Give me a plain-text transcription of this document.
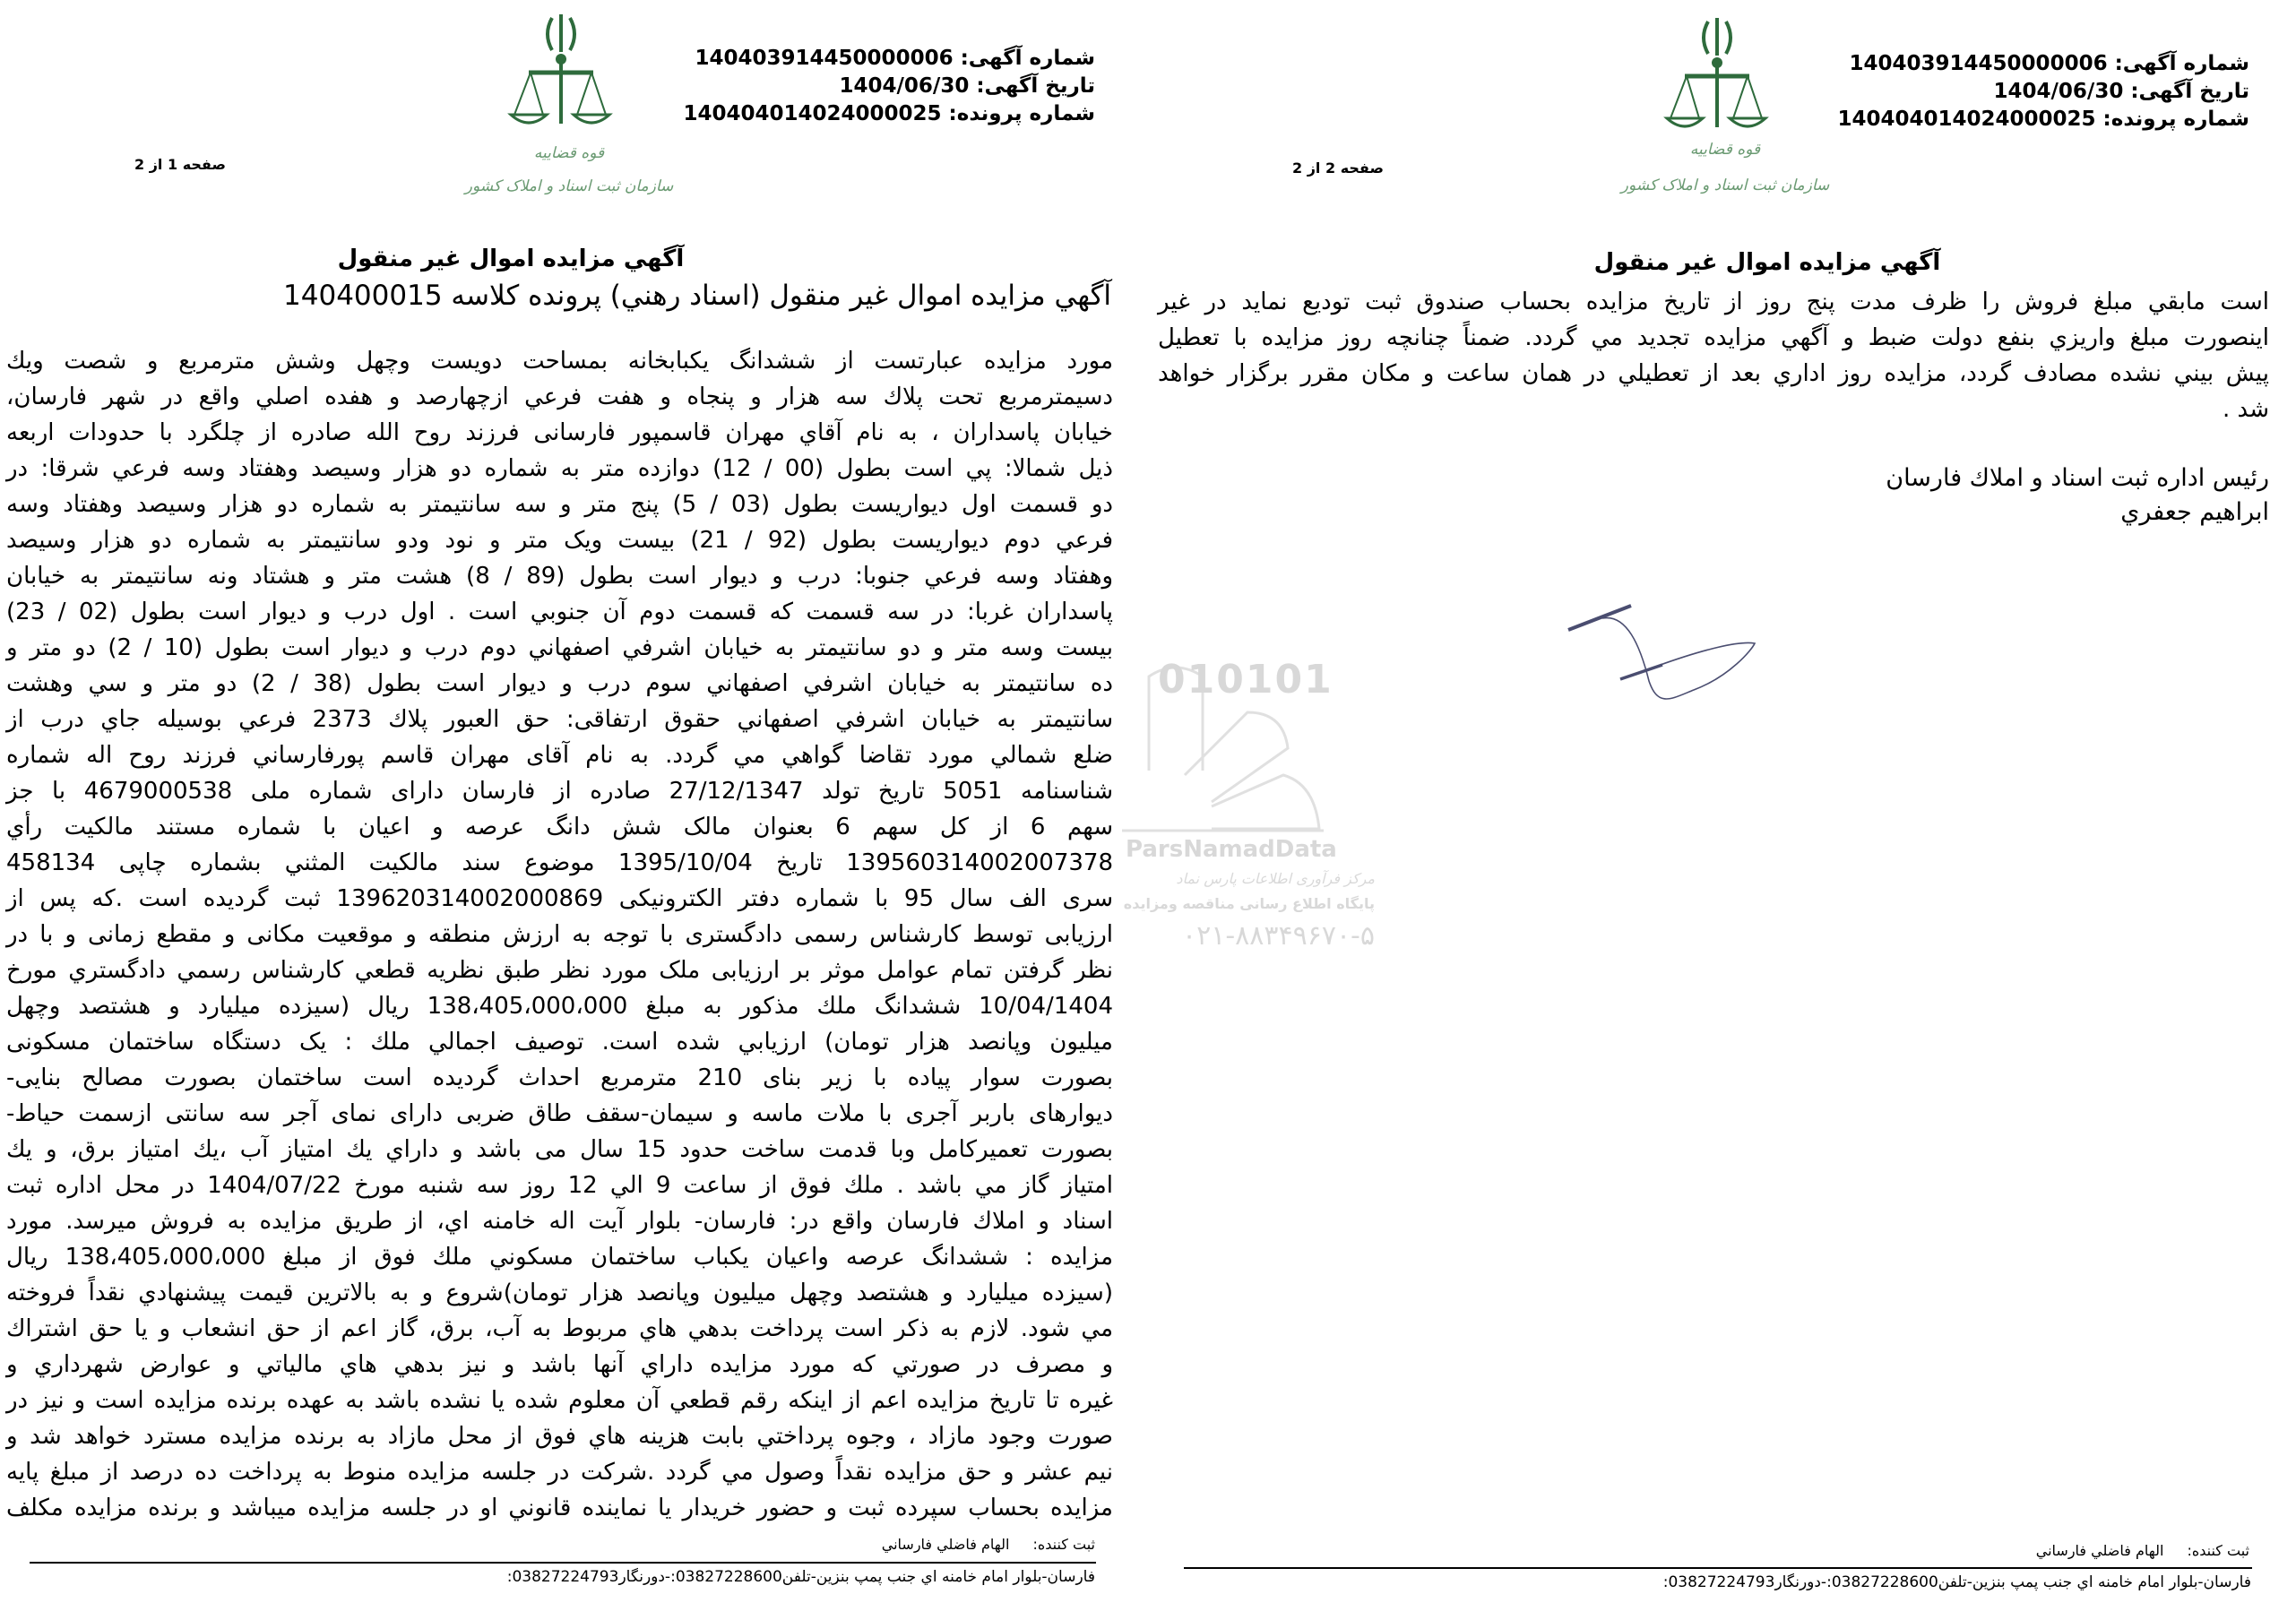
شماره آگهی: 140403914450000006
تاریخ آگهی: 1404/06/30
شماره پرونده: 140404014024000025
قوه قضاییه
سازمان ثبت اسناد و املاک کشور
صفحه 1 از 2
آگهي مزايده اموال غير منقول
آگهي مزايده اموال غير منقول (اسناد رهني) پرونده كلاسه 140400015
مورد مزايده عبارتست از ششدانگ يكبابخانه بمساحت دويست وچهل وشش مترمربع و شصت ويك
دسيمترمربع تحت پلاك سه هزار و پنجاه و هفت فرعي ازچهارصد و هفده اصلي واقع در شهر فارسان،
خيابان پاسداران ، به نام آقاي مهران قاسمپور فارسانی فرزند روح الله صادره از چلگرد با حدودات اربعه
ذيل شمالا: پي است بطول (00 / 12) دوازده متر به شماره دو هزار وسيصد وهفتاد وسه فرعي شرقا: در
دو قسمت اول ديواريست بطول (03 / 5) پنج متر و سه سانتيمتر به شماره دو هزار وسيصد وهفتاد وسه
فرعي دوم ديواريست بطول (92 / 21) بيست ويک متر و نود ودو سانتيمتر به شماره دو هزار وسيصد
وهفتاد وسه فرعي جنوبا: درب و ديوار است بطول (89 / 8) هشت متر و هشتاد ونه سانتيمتر به خيابان
پاسداران غربا: در سه قسمت كه قسمت دوم آن جنوبي است . اول درب و ديوار است بطول (02 / 23)
بيست وسه متر و دو سانتيمتر به خيابان اشرفي اصفهاني دوم درب و ديوار است بطول (10 / 2) دو متر و
ده سانتيمتر به خيابان اشرفي اصفهاني سوم درب و ديوار است بطول (38 / 2) دو متر و سي وهشت
سانتيمتر به خيابان اشرفي اصفهاني حقوق ارتفاقی: حق العبور پلاك 2373 فرعي بوسيله جاي درب از
ضلع شمالي مورد تقاضا گواهي مي گردد. به نام آقای مهران قاسم پورفارساني فرزند روح اله شماره
شناسنامه 5051 تاريخ تولد 27/12/1347 صادره از فارسان دارای شماره ملی 4679000538 با جز
سهم 6 از كل سهم 6 بعنوان مالک شش دانگ عرصه و اعيان با شماره مستند مالكيت رأي
139560314002007378 تاريخ 1395/10/04 موضوع سند مالكيت المثني بشماره چاپی 458134
سری الف سال 95 با شماره دفتر الكترونيكی 139620314002000869 ثبت گرديده است .كه پس از
ارزيابی توسط كارشناس رسمی دادگستری با توجه به ارزش منطقه و موقعيت مكانی و مقطع زمانی و با در
نظر گرفتن تمام عوامل موثر بر ارزيابی ملک مورد نظر طبق نظريه قطعي كارشناس رسمي دادگستري مورخ
10/04/1404 ششدانگ ملك مذكور به مبلغ 138،405،000،000 ريال (سيزده ميليارد و هشتصد وچهل
ميليون وپانصد هزار تومان) ارزيابي شده است. توصيف اجمالي ملك : يک دستگاه ساختمان مسكونی
بصورت سوار پياده با زير بنای 210 مترمربع احداث گرديده است ساختمان بصورت مصالح بنايی-
ديوارهای باربر آجری با ملات ماسه و سيمان-سقف طاق ضربی دارای نمای آجر سه سانتی ازسمت حياط-
بصورت تعميركامل وبا قدمت ساخت حدود 15 سال می باشد و داراي يك امتياز آب ،يك امتياز برق، و يك
امتياز گاز مي باشد . ملك فوق از ساعت 9 الي 12 روز سه شنبه مورخ 1404/07/22 در محل اداره ثبت
اسناد و املاك فارسان واقع در: فارسان- بلوار آيت اله خامنه اي، از طريق مزايده به فروش ميرسد. مورد
مزايده : ششدانگ عرصه واعيان يكباب ساختمان مسكوني ملك فوق از مبلغ 138،405،000،000 ريال
(سيزده ميليارد و هشتصد وچهل ميليون وپانصد هزار تومان)شروع و به بالاترين قيمت پيشنهادي نقداً فروخته
مي شود. لازم به ذكر است پرداخت بدهي هاي مربوط به آب، برق، گاز اعم از حق انشعاب و يا حق اشتراك
و مصرف در صورتي كه مورد مزايده داراي آنها باشد و نيز بدهي هاي مالياتي و عوارض شهرداري و
غيره تا تاريخ مزايده اعم از اينكه رقم قطعي آن معلوم شده يا نشده باشد به عهده برنده مزايده است و نيز در
صورت وجود مازاد ، وجوه پرداختي بابت هزينه هاي فوق از محل مازاد به برنده مزايده مسترد خواهد شد و
نيم عشر و حق مزايده نقداً وصول مي گردد .شركت در جلسه مزايده منوط به پرداخت ده درصد از مبلغ پايه
مزايده بحساب سپرده ثبت و حضور خريدار يا نماينده قانوني او در جلسه مزايده ميباشد و برنده مزايده مكلف
ثبت كننده:الهام فاضلي فارساني
فارسان-بلوار امام خامنه اي جنب پمپ بنزين-تلفن03827228600:-دورنگار03827224793:
010101
ParsNamadData
مرکز فرآوری اطلاعات پارس نماد
پایگاه اطلاع رسانی مناقصه ومزایده
۰۲۱-۸۸۳۴۹۶۷۰-۵
شماره آگهی: 140403914450000006
تاریخ آگهی: 1404/06/30
شماره پرونده: 140404014024000025
قوه قضاییه
سازمان ثبت اسناد و املاک کشور
صفحه 2 از 2
آگهي مزايده اموال غير منقول
است مابقي مبلغ فروش را ظرف مدت پنج روز از تاريخ مزايده بحساب صندوق ثبت توديع نمايد در غير
اينصورت مبلغ واريزي بنفع دولت ضبط و آگهي مزايده تجديد مي گردد. ضمناً چنانچه روز مزايده با تعطيل
پيش بيني نشده مصادف گردد، مزايده روز اداري بعد از تعطيلي در همان ساعت و مكان مقرر برگزار خواهد
شد .
رئيس اداره ثبت اسناد و املاك فارسان
ابراهيم جعفري
ثبت كننده:الهام فاضلي فارساني
فارسان-بلوار امام خامنه اي جنب پمپ بنزين-تلفن03827228600:-دورنگار03827224793:
